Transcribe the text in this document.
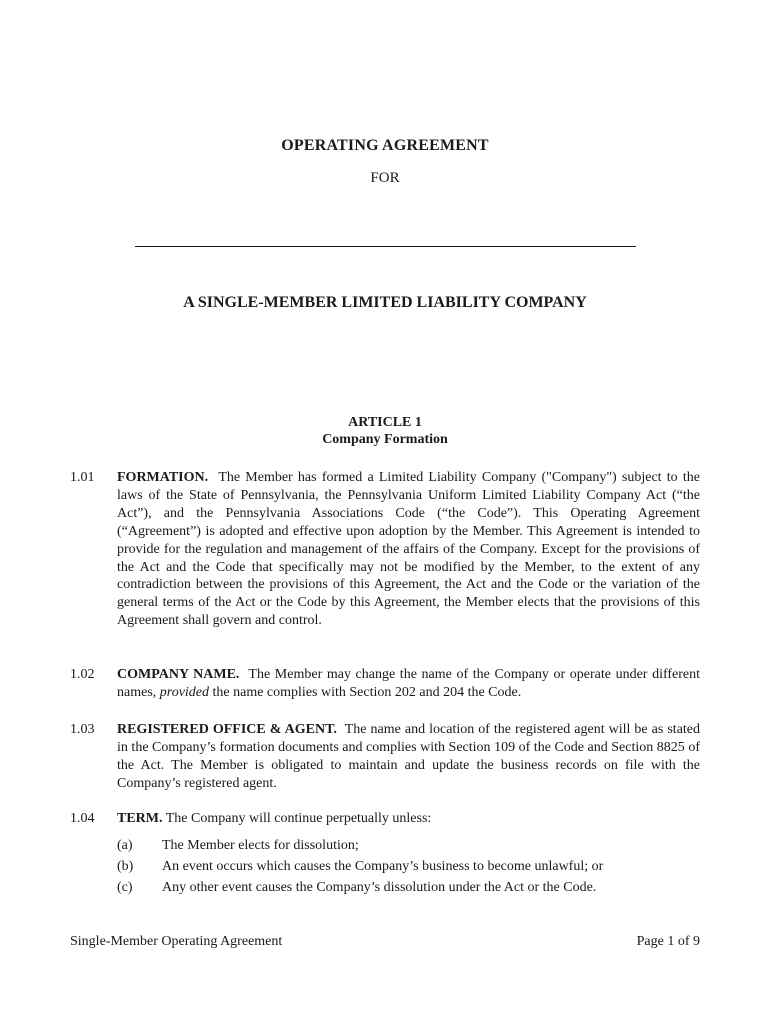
OPERATING AGREEMENT
FOR
A SINGLE-MEMBER LIMITED LIABILITY COMPANY
ARTICLE 1
Company Formation
1.01 FORMATION. The Member has formed a Limited Liability Company ("Company") subject to the laws of the State of Pennsylvania, the Pennsylvania Uniform Limited Liability Company Act (“the Act”), and the Pennsylvania Associations Code (“the Code”). This Operating Agreement (“Agreement”) is adopted and effective upon adoption by the Member. This Agreement is intended to provide for the regulation and management of the affairs of the Company. Except for the provisions of the Act and the Code that specifically may not be modified by the Member, to the extent of any contradiction between the provisions of this Agreement, the Act and the Code or the variation of the general terms of the Act or the Code by this Agreement, the Member elects that the provisions of this Agreement shall govern and control.
1.02 COMPANY NAME. The Member may change the name of the Company or operate under different names, provided the name complies with Section 202 and 204 the Code.
1.03 REGISTERED OFFICE & AGENT. The name and location of the registered agent will be as stated in the Company’s formation documents and complies with Section 109 of the Code and Section 8825 of the Act. The Member is obligated to maintain and update the business records on file with the Company’s registered agent.
1.04 TERM. The Company will continue perpetually unless:
(a) The Member elects for dissolution;
(b) An event occurs which causes the Company’s business to become unlawful; or
(c) Any other event causes the Company’s dissolution under the Act or the Code.
Single-Member Operating Agreement	Page 1 of 9
